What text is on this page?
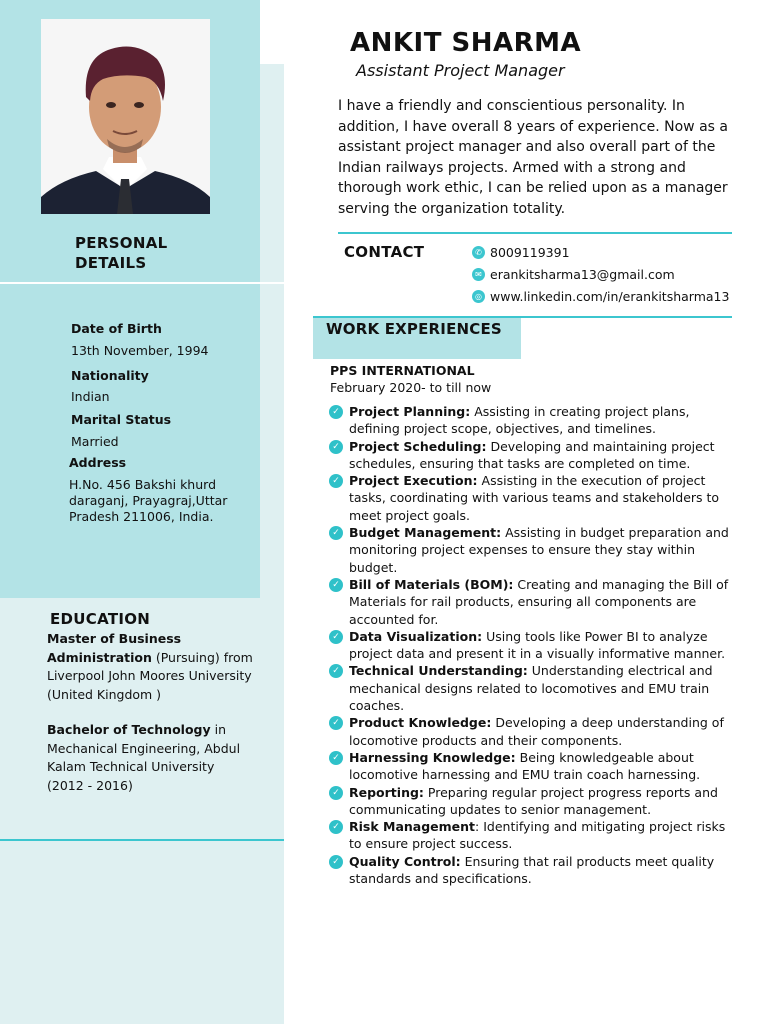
PERSONAL
DETAILS
Date of Birth
13th November, 1994
Nationality
Indian
Marital Status
Married
Address
H.No. 456 Bakshi khurd daraganj, Prayagraj,Uttar Pradesh 211006, India.
EDUCATION
Master of Business Administration (Pursuing) from Liverpool John Moores University (United Kingdom )
Bachelor of Technology in Mechanical Engineering, Abdul Kalam Technical University
(2012 - 2016)
ANKIT SHARMA
Assistant Project Manager
I have a friendly and conscientious personality. In addition, I have overall 8 years of experience. Now as a assistant project manager and also overall part of the Indian railways projects. Armed with a strong and thorough work ethic, I can be relied upon as a manager serving the organization totality.
CONTACT	✆ 8009119391
✉ erankitsharma13@gmail.com
◎ www.linkedin.com/in/erankitsharma13
WORK EXPERIENCES
PPS INTERNATIONAL
February 2020- to till now
✓ Project Planning: Assisting in creating project plans, defining project scope, objectives, and timelines.
✓ Project Scheduling: Developing and maintaining project schedules, ensuring that tasks are completed on time.
✓ Project Execution: Assisting in the execution of project tasks, coordinating with various teams and stakeholders to meet project goals.
✓ Budget Management: Assisting in budget preparation and monitoring project expenses to ensure they stay within budget.
✓ Bill of Materials (BOM): Creating and managing the Bill of Materials for rail products, ensuring all components are accounted for.
✓ Data Visualization: Using tools like Power BI to analyze project data and present it in a visually informative manner.
✓ Technical Understanding: Understanding electrical and mechanical designs related to locomotives and EMU train coaches.
✓ Product Knowledge: Developing a deep understanding of locomotive products and their components.
✓ Harnessing Knowledge: Being knowledgeable about locomotive harnessing and EMU train coach harnessing.
✓ Reporting: Preparing regular project progress reports and communicating updates to senior management.
✓ Risk Management: Identifying and mitigating project risks to ensure project success.
✓ Quality Control: Ensuring that rail products meet quality standards and specifications.
